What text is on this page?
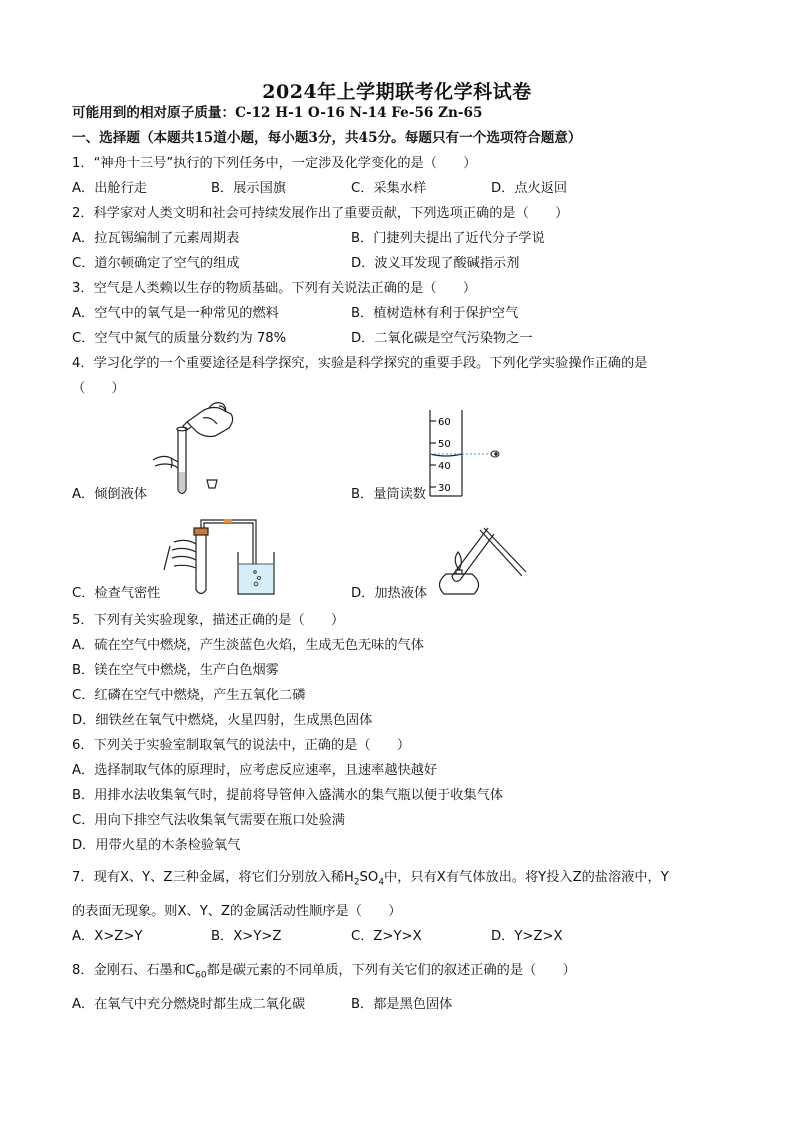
2024年上学期联考化学科试卷
可能用到的相对原子质量：C-12 H-1 O-16 N-14 Fe-56 Zn-65
一、选择题（本题共15道小题，每小题3分，共45分。每题只有一个选项符合题意）
1．“神舟十三号”执行的下列任务中，一定涉及化学变化的是（　　）
A．出舱行走	B．展示国旗	C．采集水样	D．点火返回
2．科学家对人类文明和社会可持续发展作出了重要贡献，下列选项正确的是（　　）
A．拉瓦锡编制了元素周期表	B．门捷列夫提出了近代分子学说
C．道尔顿确定了空气的组成	D．波义耳发现了酸碱指示剂
3．空气是人类赖以生存的物质基础。下列有关说法正确的是（　　）
A．空气中的氧气是一种常见的燃料	B．植树造林有利于保护空气
C．空气中氮气的质量分数约为 78%	D．二氧化碳是空气污染物之一
4．学习化学的一个重要途径是科学探究，实验是科学探究的重要手段。下列化学实验操作正确的是
（　　）
A．倾倒液体
60
50
40
30
B．量筒读数
C．检查气密性	D．加热液体
5．下列有关实验现象，描述正确的是（　　）
A．硫在空气中燃烧，产生淡蓝色火焰，生成无色无味的气体
B．镁在空气中燃烧，生产白色烟雾
C．红磷在空气中燃烧，产生五氧化二磷
D．细铁丝在氧气中燃烧，火星四射，生成黑色固体
6．下列关于实验室制取氧气的说法中，正确的是（　　）
A．选择制取气体的原理时，应考虑反应速率，且速率越快越好
B．用排水法收集氧气时，提前将导管伸入盛满水的集气瓶以便于收集气体
C．用向下排空气法收集氧气需要在瓶口处验满
D．用带火星的木条检验氧气
7．现有X、Y、Z三种金属，将它们分别放入稀$H_2SO_4$中，只有X有气体放出。将Y投入Z的盐溶液中，Y
的表面无现象。则X、Y、Z的金属活动性顺序是（　　）
A．X>Z>Y	B．X>Y>Z	C．Z>Y>X	D．Y>Z>X
8．金刚石、石墨和$C_{60}$都是碳元素的不同单质，下列有关它们的叙述正确的是（　　）
A．在氧气中充分燃烧时都生成二氧化碳	B．都是黑色固体
